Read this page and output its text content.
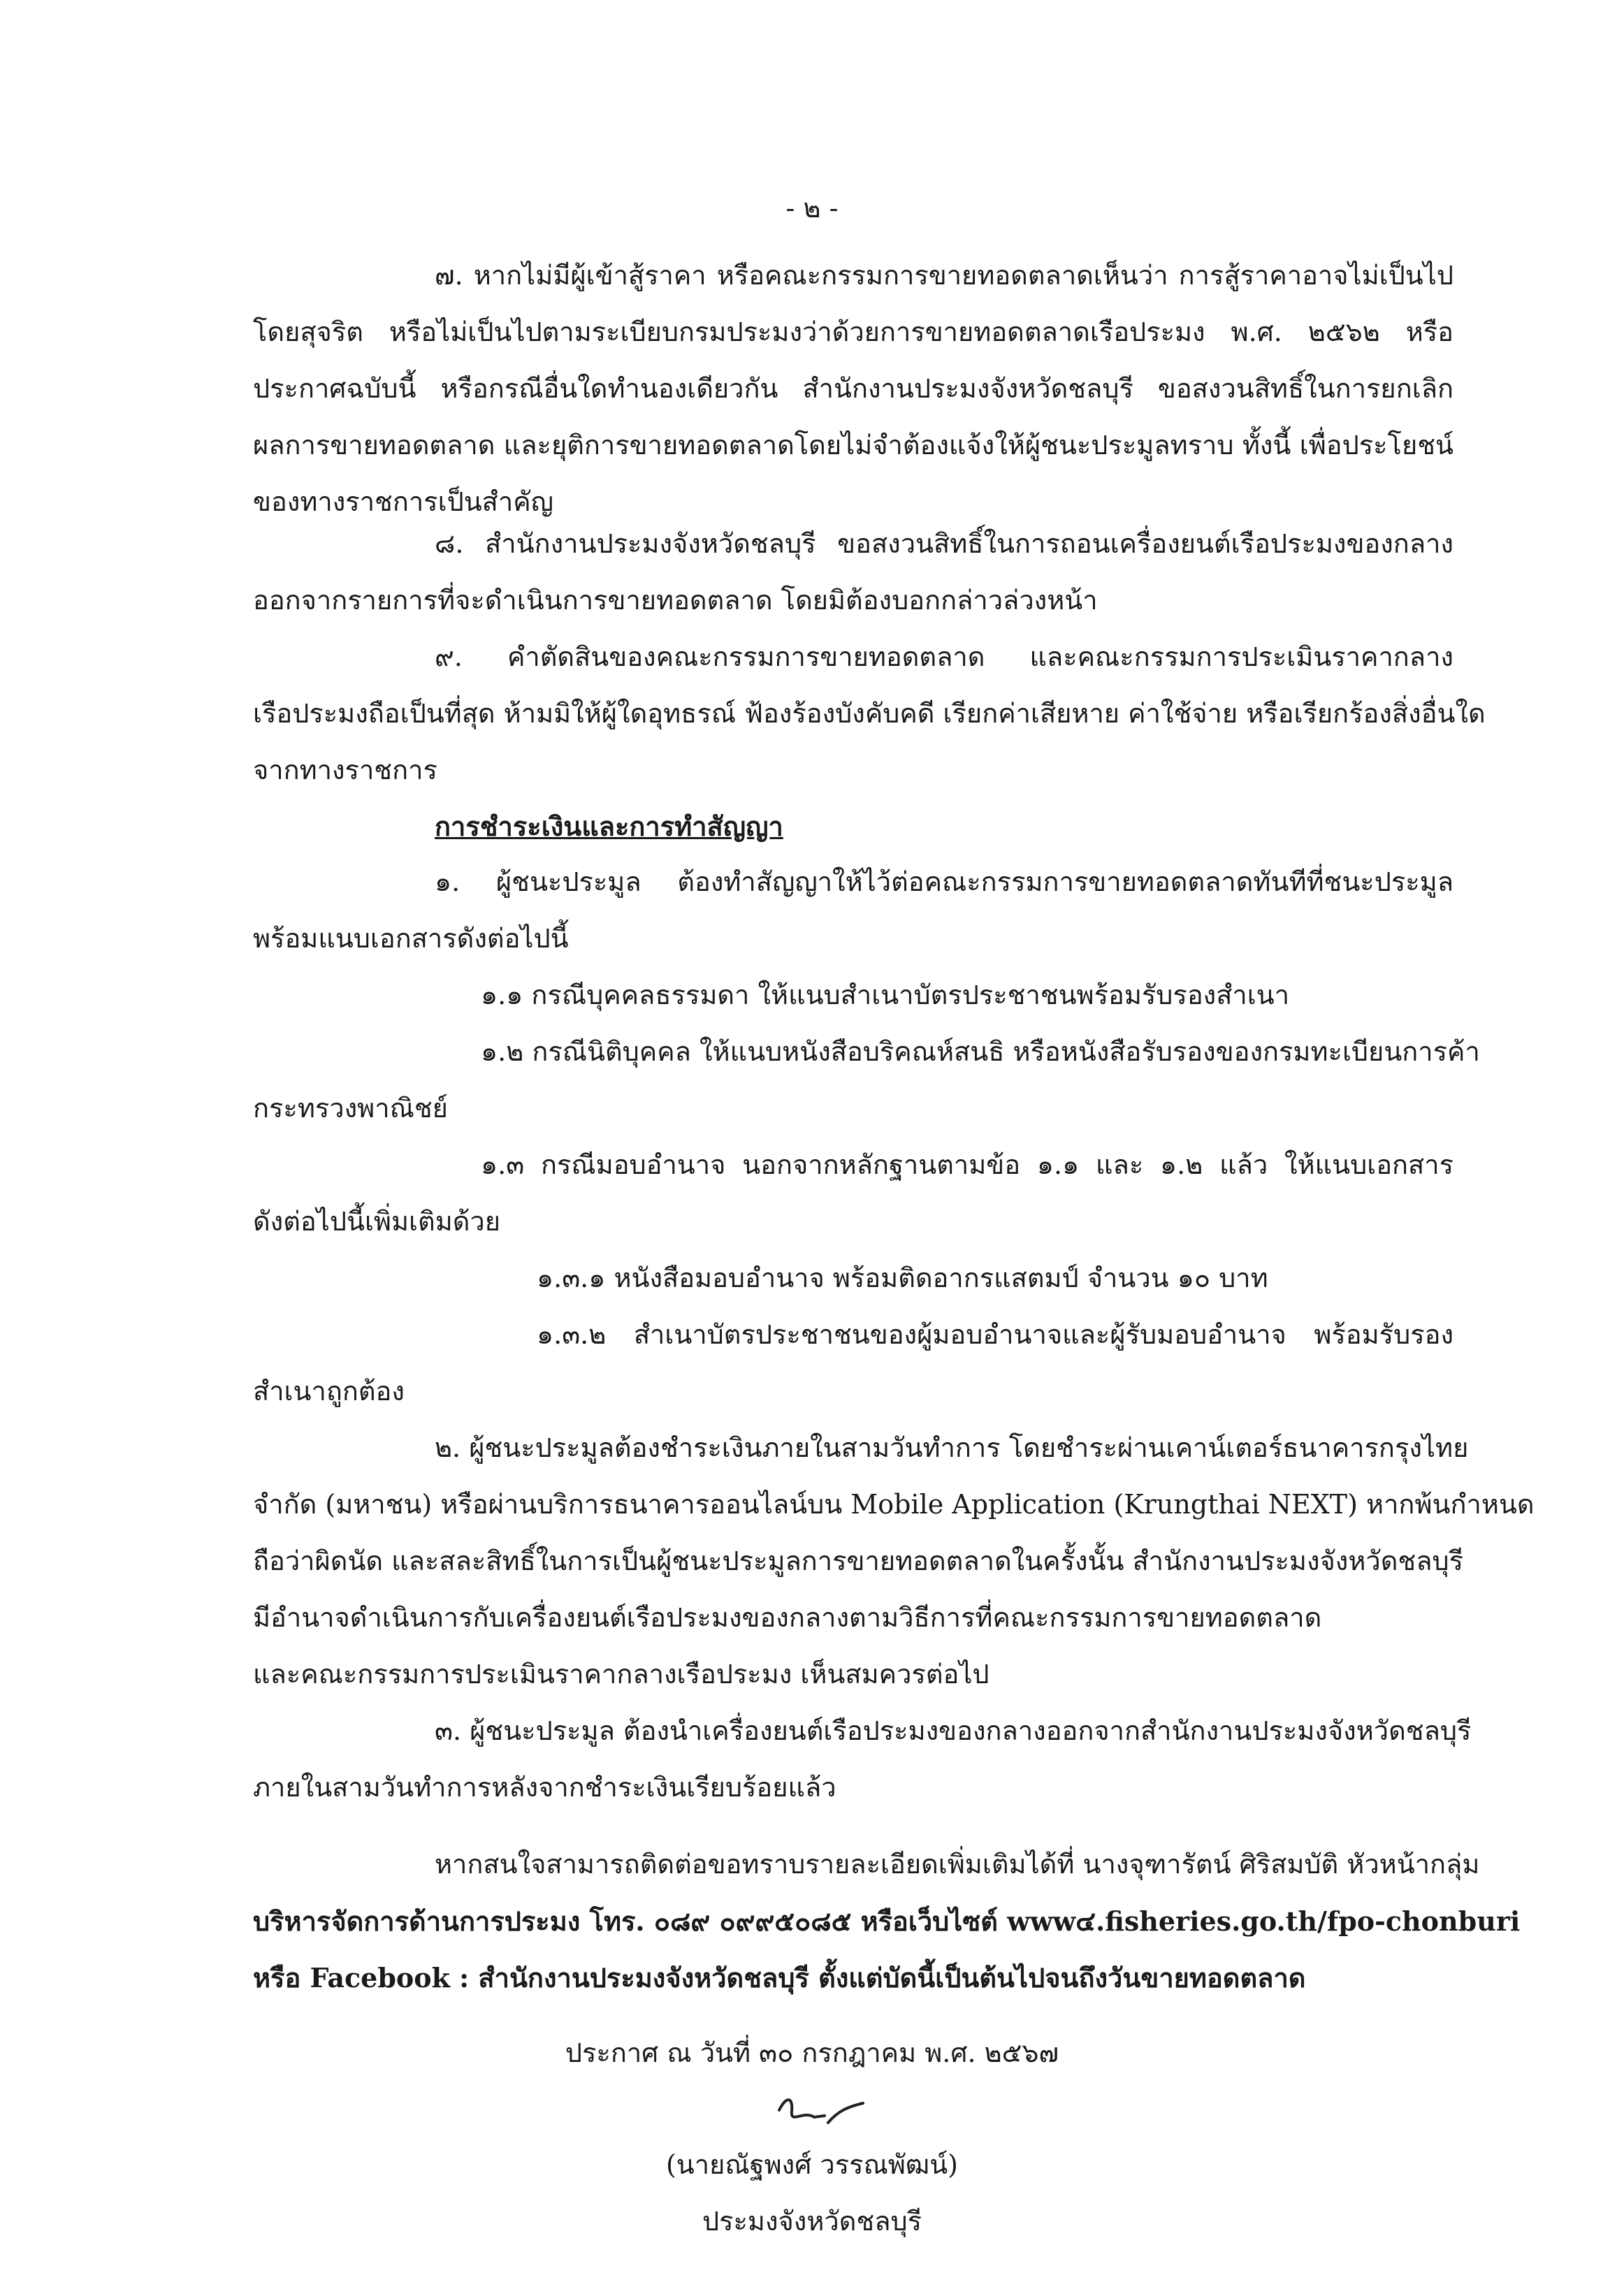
- ๒ -
๗. หากไม่มีผู้เข้าสู้ราคา หรือคณะกรรมการขายทอดตลาดเห็นว่า การสู้ราคาอาจไม่เป็นไป
โดยสุจริต หรือไม่เป็นไปตามระเบียบกรมประมงว่าด้วยการขายทอดตลาดเรือประมง พ.ศ. ๒๕๖๒ หรือ
ประกาศฉบับนี้ หรือกรณีอื่นใดทำนองเดียวกัน สำนักงานประมงจังหวัดชลบุรี ขอสงวนสิทธิ์ในการยกเลิก
ผลการขายทอดตลาด และยุติการขายทอดตลาดโดยไม่จำต้องแจ้งให้ผู้ชนะประมูลทราบ ทั้งนี้ เพื่อประโยชน์
ของทางราชการเป็นสำคัญ
๘. สำนักงานประมงจังหวัดชลบุรี ขอสงวนสิทธิ์ในการถอนเครื่องยนต์เรือประมงของกลาง
ออกจากรายการที่จะดำเนินการขายทอดตลาด โดยมิต้องบอกกล่าวล่วงหน้า
๙. คำตัดสินของคณะกรรมการขายทอดตลาด และคณะกรรมการประเมินราคากลาง
เรือประมงถือเป็นที่สุด ห้ามมิให้ผู้ใดอุทธรณ์ ฟ้องร้องบังคับคดี เรียกค่าเสียหาย ค่าใช้จ่าย หรือเรียกร้องสิ่งอื่นใด
จากทางราชการ
การชำระเงินและการทำสัญญา
๑. ผู้ชนะประมูล ต้องทำสัญญาให้ไว้ต่อคณะกรรมการขายทอดตลาดทันทีที่ชนะประมูล
พร้อมแนบเอกสารดังต่อไปนี้
๑.๑ กรณีบุคคลธรรมดา ให้แนบสำเนาบัตรประชาชนพร้อมรับรองสำเนา
๑.๒ กรณีนิติบุคคล ให้แนบหนังสือบริคณห์สนธิ หรือหนังสือรับรองของกรมทะเบียนการค้า
กระทรวงพาณิชย์
๑.๓ กรณีมอบอำนาจ นอกจากหลักฐานตามข้อ ๑.๑ และ ๑.๒ แล้ว ให้แนบเอกสาร
ดังต่อไปนี้เพิ่มเติมด้วย
๑.๓.๑ หนังสือมอบอำนาจ พร้อมติดอากรแสตมป์ จำนวน ๑๐ บาท
๑.๓.๒ สำเนาบัตรประชาชนของผู้มอบอำนาจและผู้รับมอบอำนาจ พร้อมรับรอง
สำเนาถูกต้อง
๒. ผู้ชนะประมูลต้องชำระเงินภายในสามวันทำการ โดยชำระผ่านเคาน์เตอร์ธนาคารกรุงไทย
จำกัด (มหาชน) หรือผ่านบริการธนาคารออนไลน์บน Mobile Application (Krungthai NEXT) หากพ้นกำหนด
ถือว่าผิดนัด และสละสิทธิ์ในการเป็นผู้ชนะประมูลการขายทอดตลาดในครั้งนั้น สำนักงานประมงจังหวัดชลบุรี
มีอำนาจดำเนินการกับเครื่องยนต์เรือประมงของกลางตามวิธีการที่คณะกรรมการขายทอดตลาด
และคณะกรรมการประเมินราคากลางเรือประมง เห็นสมควรต่อไป
๓. ผู้ชนะประมูล ต้องนำเครื่องยนต์เรือประมงของกลางออกจากสำนักงานประมงจังหวัดชลบุรี
ภายในสามวันทำการหลังจากชำระเงินเรียบร้อยแล้ว
หากสนใจสามารถติดต่อขอทราบรายละเอียดเพิ่มเติมได้ที่ นางจุฑารัตน์ ศิริสมบัติ หัวหน้ากลุ่ม
บริหารจัดการด้านการประมง โทร. ๐๘๙ ๐๙๙๕๐๘๕ หรือเว็บไซต์ www๔.fisheries.go.th/fpo-chonburi
หรือ Facebook : สำนักงานประมงจังหวัดชลบุรี ตั้งแต่บัดนี้เป็นต้นไปจนถึงวันขายทอดตลาด
ประกาศ ณ วันที่ ๓๐ กรกฎาคม พ.ศ. ๒๕๖๗
(นายณัฐพงศ์ วรรณพัฒน์)
ประมงจังหวัดชลบุรี
